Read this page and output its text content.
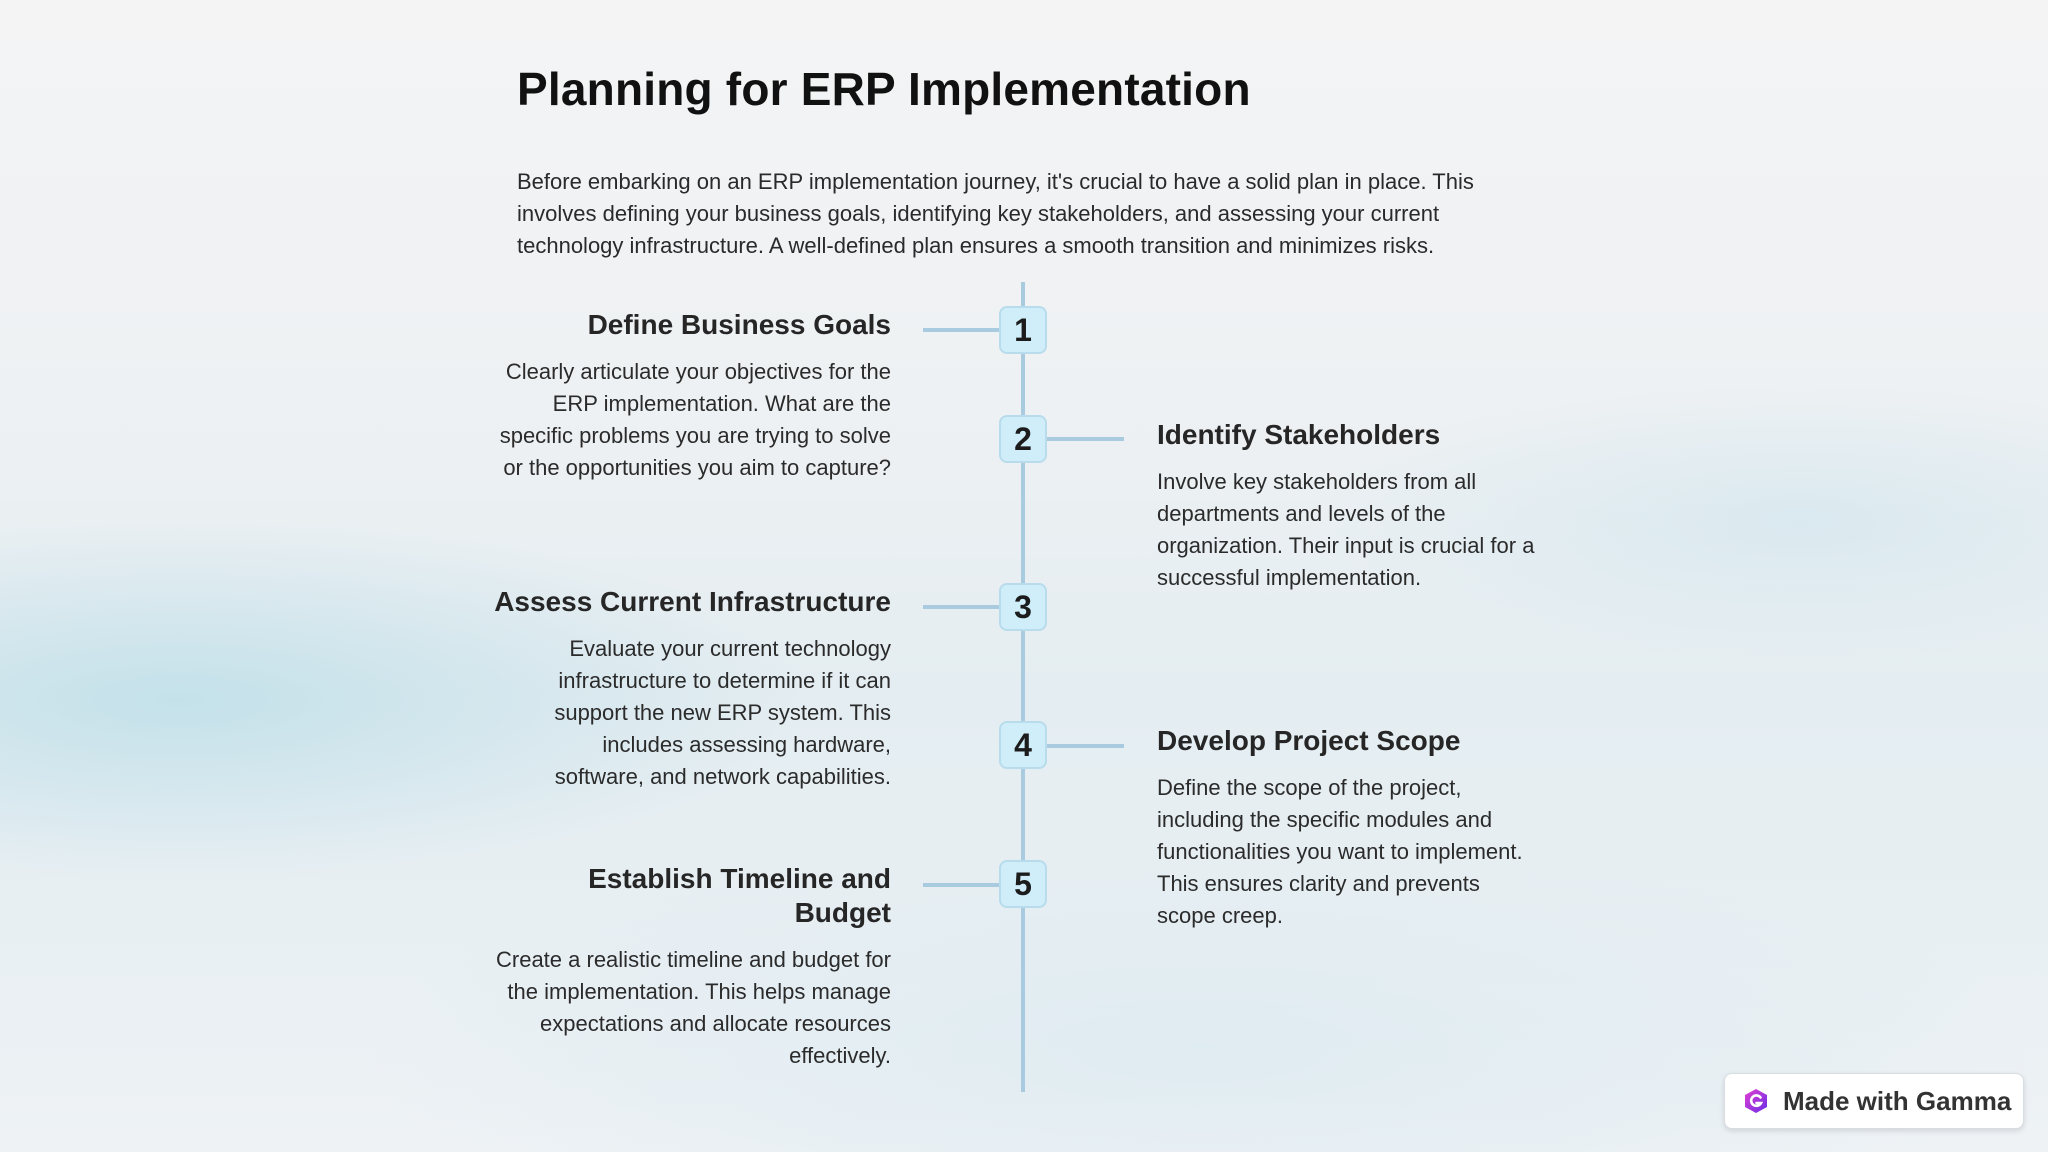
Planning for ERP Implementation

Before embarking on an ERP implementation journey, it's crucial to have a solid plan in place. This involves defining your business goals, identifying key stakeholders, and assessing your current technology infrastructure. A well-defined plan ensures a smooth transition and minimizes risks.

1
Define Business Goals

Clearly articulate your objectives for the ERP implementation. What are the specific problems you are trying to solve or the opportunities you aim to capture?

2	Identify Stakeholders

Involve key stakeholders from all departments and levels of the organization. Their input is crucial for a successful implementation.

3
Assess Current Infrastructure

Evaluate your current technology infrastructure to determine if it can support the new ERP system. This includes assessing hardware, software, and network capabilities.

4	Develop Project Scope

Define the scope of the project, including the specific modules and functionalities you want to implement. This ensures clarity and prevents scope creep.

5
Establish Timeline and Budget

Create a realistic timeline and budget for the implementation. This helps manage expectations and allocate resources effectively.

Made with Gamma
